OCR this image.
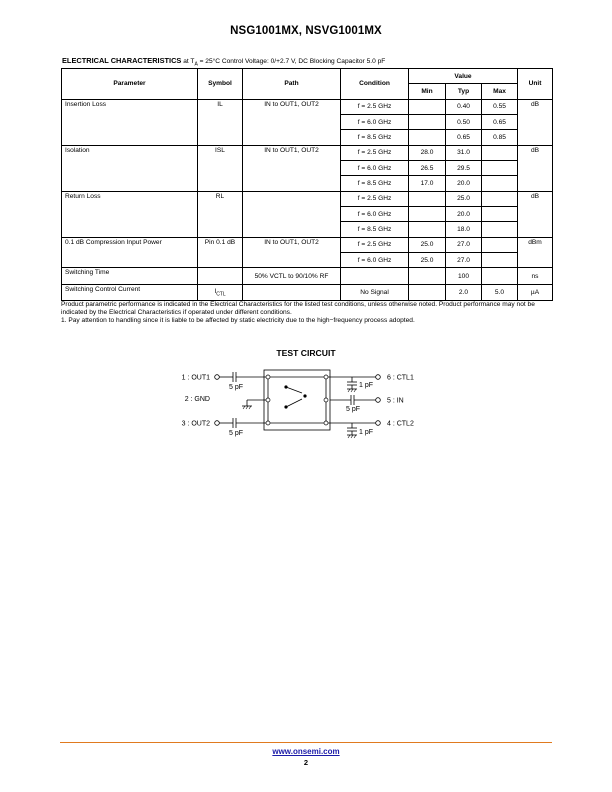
NSG1001MX, NSVG1001MX
ELECTRICAL CHARACTERISTICS at $T_A = 25^\circ C$ Control Voltage: 0/+2.7 V, DC Blocking Capacitor 5.0 pF
Parameter	Symbol	Path	Condition	Value			Unit
				Min	Typ	Max	
Insertion Loss	IL	IN to OUT1, OUT2	f = 2.5 GHz		0.40	0.55	dB
			f = 6.0 GHz		0.50	0.65	
			f = 8.5 GHz		0.65	0.85	
Isolation	ISL	IN to OUT1, OUT2	f = 2.5 GHz	28.0	31.0		dB
			f = 6.0 GHz	26.5	29.5		
			f = 8.5 GHz	17.0	20.0		
Return Loss	RL		f = 2.5 GHz		25.0		dB
			f = 6.0 GHz		20.0		
			f = 8.5 GHz		18.0		
0.1 dB Compression Input Power	Pin 0.1 dB	IN to OUT1, OUT2	f = 2.5 GHz	25.0	27.0		dBm
			f = 6.0 GHz	25.0	27.0		
Switching Time		50% VCTL to 90/10% RF			100		ns
Switching Control Current	$I_{CTL}$		No Signal		2.0	5.0	µA

Product parametric performance is indicated in the Electrical Characteristics for the listed test conditions, unless otherwise noted. Product performance may not be indicated by the Electrical Characteristics if operated under different conditions.

1. Pay attention to handling since it is liable to be affected by static electricity due to the high−frequency process adopted.

TEST CIRCUIT
1 : OUT1
2 : GND
3 : OUT2
6 : CTL1
5 : IN
4 : CTL2
5 pF	1 pF
5 pF
5 pF	1 pF
www.onsemi.com
2
